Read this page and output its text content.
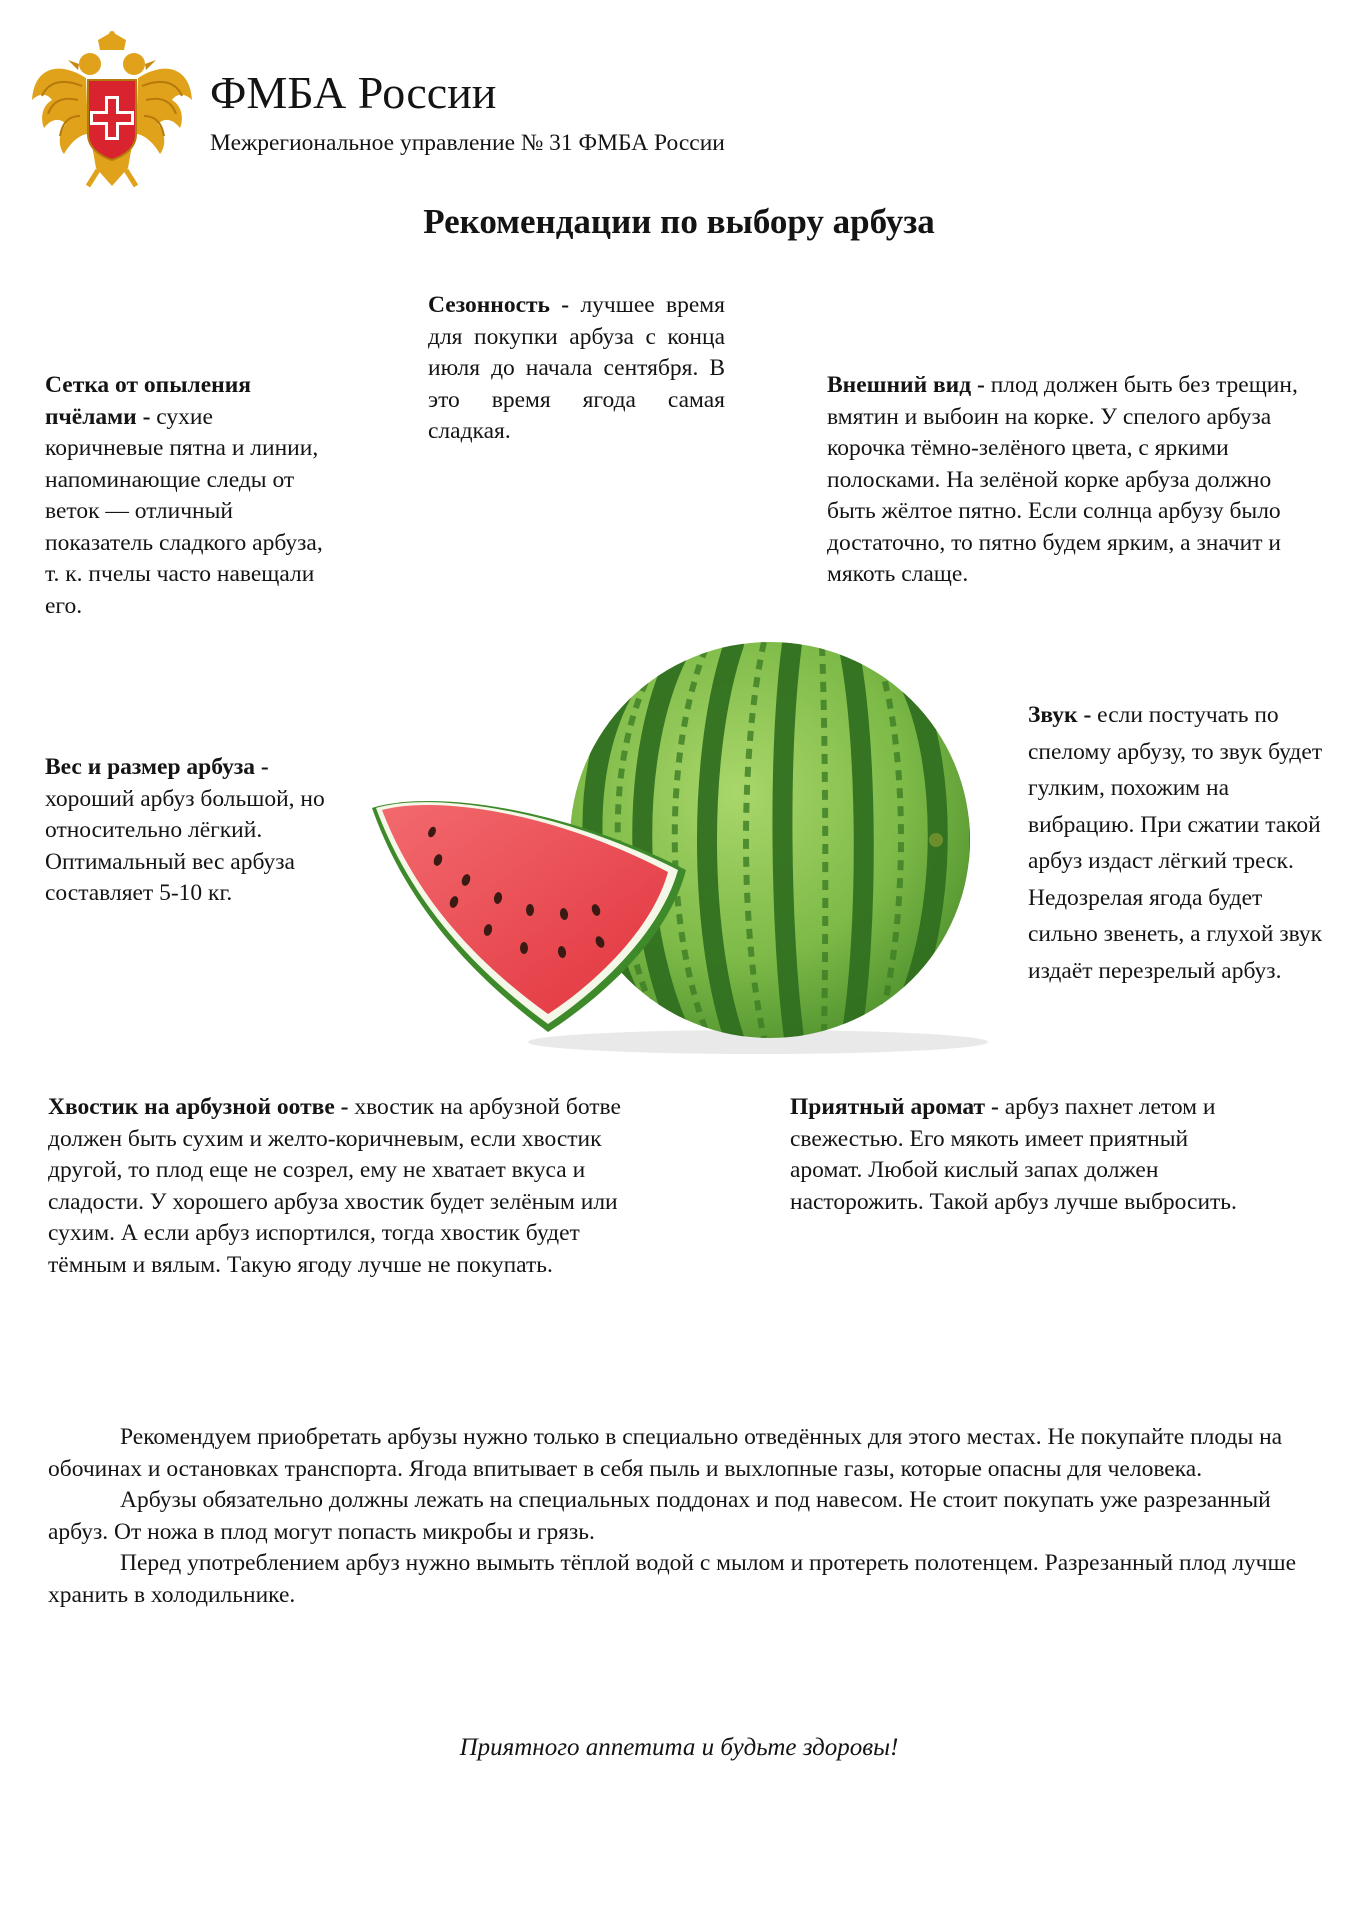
ФМБА России
Межрегиональное управление № 31 ФМБА России
Рекомендации по выбору арбуза

Сезонность - лучшее время для покупки арбуза с конца июля до начала сентября. В это время ягода самая сладкая.

Сетка от опыления пчёлами - сухие коричневые пятна и линии, напоминающие следы от веток — отличный показатель сладкого арбуза, т. к. пчелы часто навещали его.

Внешний вид - плод должен быть без трещин, вмятин и выбоин на корке. У спелого арбуза корочка тёмно-зелёного цвета, с яркими полосками. На зелёной корке арбуза должно быть жёлтое пятно. Если солнца арбузу было достаточно, то пятно будем ярким, а значит и мякоть слаще.

Вес и размер арбуза - хороший арбуз большой, но относительно лёгкий. Оптимальный вес арбуза составляет 5-10 кг.

Звук - если постучать по спелому арбузу, то звук будет гулким, похожим на вибрацию. При сжатии такой арбуз издаст лёгкий треск. Недозрелая ягода будет сильно звенеть, а глухой звук издаёт перезрелый арбуз.

Хвостик на арбузной оотве - хвостик на арбузной ботве должен быть сухим и желто-коричневым, если хвостик другой, то плод еще не созрел, ему не хватает вкуса и сладости. У хорошего арбуза хвостик будет зелёным или сухим. А если арбуз испортился, тогда хвостик будет тёмным и вялым. Такую ягоду лучше не покупать.

Приятный аромат - арбуз пахнет летом и свежестью. Его мякоть имеет приятный аромат. Любой кислый запах должен насторожить. Такой арбуз лучше выбросить.

Рекомендуем приобретать арбузы нужно только в специально отведённых для этого местах. Не покупайте плоды на обочинах и остановках транспорта. Ягода впитывает в себя пыль и выхлопные газы, которые опасны для человека.

Арбузы обязательно должны лежать на специальных поддонах и под навесом. Не стоит покупать уже разрезанный арбуз. От ножа в плод могут попасть микробы и грязь.

Перед употреблением арбуз нужно вымыть тёплой водой с мылом и протереть полотенцем. Разрезанный плод лучше хранить в холодильнике.

Приятного аппетита и будьте здоровы!
